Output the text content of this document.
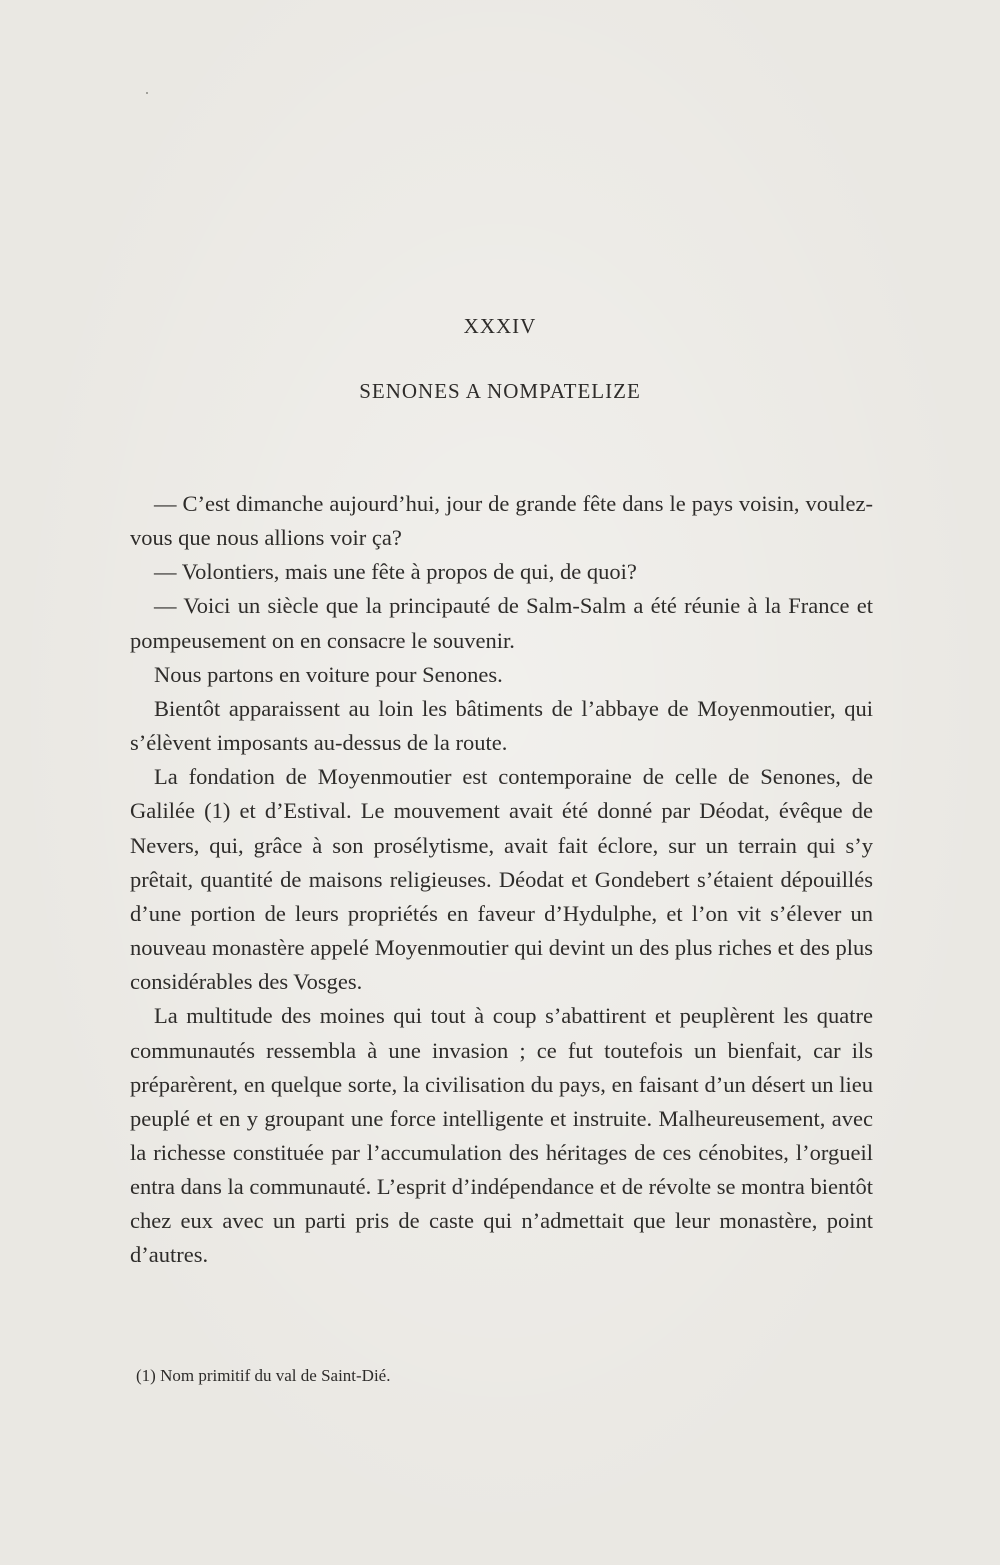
XXXIV
SENONES A NOMPATELIZE

— C’est dimanche aujourd’hui, jour de grande fête dans le pays voisin, voulez-vous que nous allions voir ça?

— Volontiers, mais une fête à propos de qui, de quoi?

— Voici un siècle que la principauté de Salm-Salm a été réunie à la France et pompeusement on en consacre le souvenir.

Nous partons en voiture pour Senones.

Bientôt apparaissent au loin les bâtiments de l’abbaye de Moyenmoutier, qui s’élèvent imposants au-dessus de la route.

La fondation de Moyenmoutier est contemporaine de celle de Senones, de Galilée (1) et d’Estival. Le mouvement avait été donné par Déodat, évêque de Nevers, qui, grâce à son prosélytisme, avait fait éclore, sur un terrain qui s’y prêtait, quantité de maisons religieuses. Déodat et Gondebert s’étaient dépouillés d’une portion de leurs propriétés en faveur d’Hydulphe, et l’on vit s’élever un nouveau monastère appelé Moyenmoutier qui devint un des plus riches et des plus considérables des Vosges.

La multitude des moines qui tout à coup s’abattirent et peuplèrent les quatre communautés ressembla à une invasion ; ce fut toutefois un bienfait, car ils préparèrent, en quelque sorte, la civilisation du pays, en faisant d’un désert un lieu peuplé et en y groupant une force intelligente et instruite. Malheureusement, avec la richesse constituée par l’accumulation des héritages de ces cénobites, l’orgueil entra dans la communauté. L’esprit d’indépendance et de révolte se montra bientôt chez eux avec un parti pris de caste qui n’admettait que leur monastère, point d’autres.

(1) Nom primitif du val de Saint-Dié.
